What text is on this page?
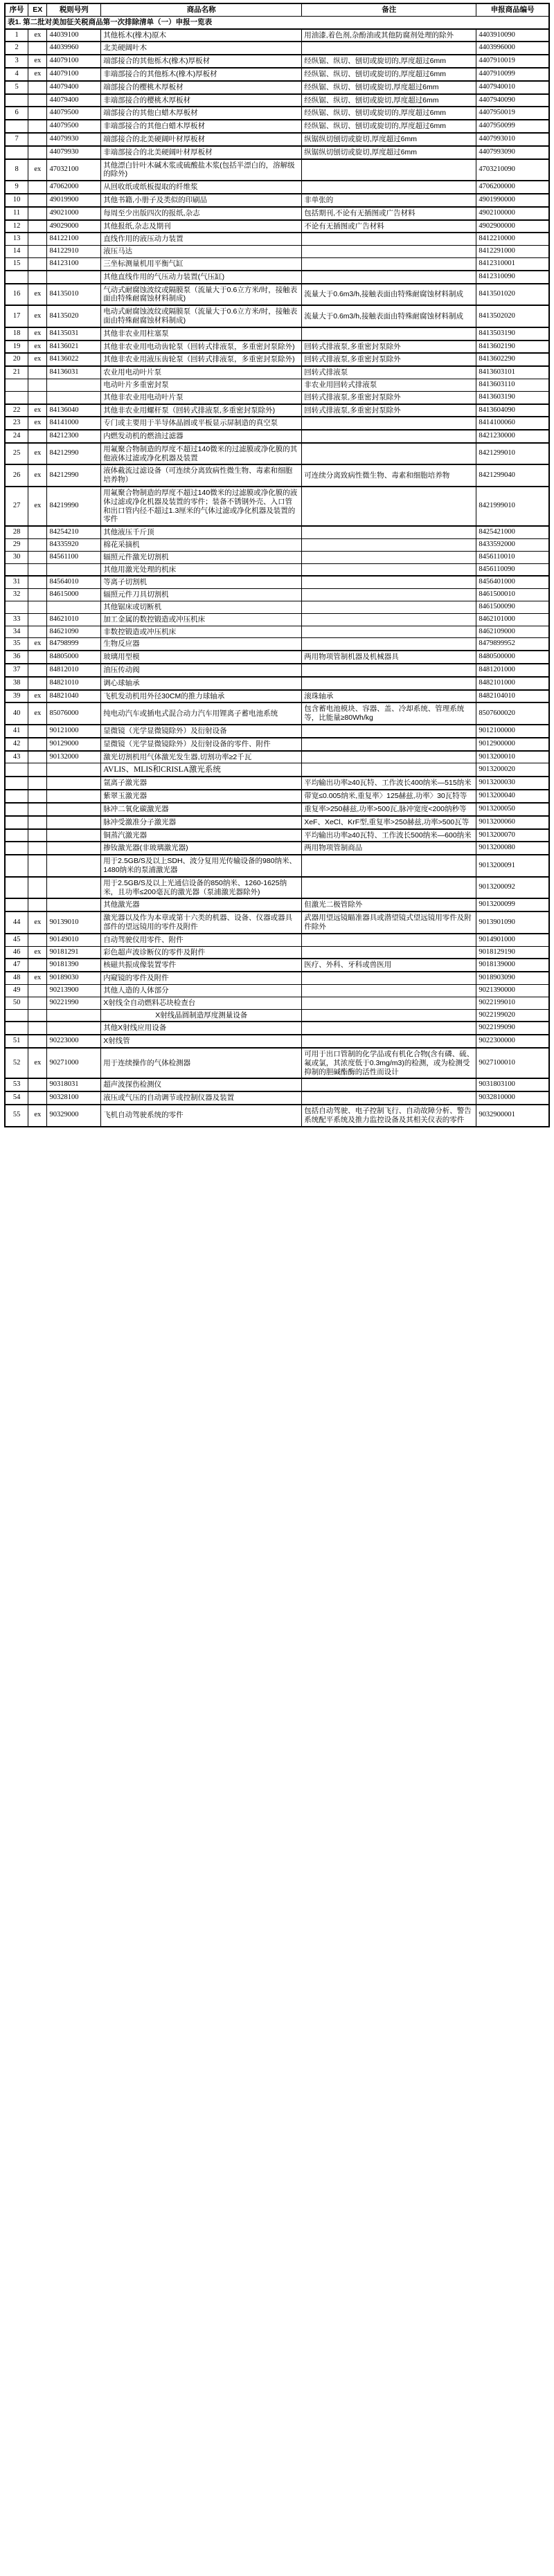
表1. 第二批对美加征关税商品第一次排除清单（一）申报一览表					
序号	EX	税则号列	商品名称	备注	申报商品编号
1	ex	44039100	其他栎木(橡木)原木	用油漆,着色剂,杂酚油或其他防腐剂处理的除外	4403910090
2		44039960	北美硬阔叶木		4403996000
3	ex	44079100	端部接合的其他栎木(橡木)厚板材	经纵锯、纵切、刨切或旋切的,厚度超过6mm	4407910019
4	ex	44079100	非端部接合的其他栎木(橡木)厚板材	经纵锯、纵切、刨切或旋切的,厚度超过6mm	4407910099
5		44079400	端部接合的樱桃木厚板材	经纵锯、纵切、刨切或旋切,厚度超过6mm	4407940010
		44079400	非端部接合的樱桃木厚板材	经纵锯、纵切、刨切或旋切,厚度超过6mm	4407940090
6		44079500	端部接合的其他白蜡木厚板材	经纵锯、纵切、刨切或旋切的,厚度超过6mm	4407950019
		44079500	非端部接合的其他白蜡木厚板材	经纵锯、纵切、刨切或旋切的,厚度超过6mm	4407950099
7		44079930	端部接合的北美硬阔叶材厚板材	纵锯纵切刨切或旋切,厚度超过6mm	4407993010
		44079930	非端部接合的北美硬阔叶材厚板材	纵锯纵切刨切或旋切,厚度超过6mm	4407993090
8	ex	47032100	其他漂白针叶木碱木浆或硫酸盐木浆(包括半漂白的，溶解级的除外)		4703210090
9		47062000	从回收纸或纸板提取的纤维浆		4706200000
10		49019900	其他书籍,小册子及类似的印刷品	非单张的	4901990000
11		49021000	每周至少出版四次的报纸,杂志	包括期刊,不论有无插图或广告材料	4902100000
12		49029000	其他报纸,杂志及期刊	不论有无插图或广告材料	4902900000
13		84122100	直线作用的液压动力装置		8412210000
14		84122910	液压马达		8412291000
15		84123100	三坐标测量机用平衡气缸		8412310001
			其他直线作用的气压动力装置(气压缸)		8412310090
16	ex	84135010	气动式耐腐蚀波纹或隔膜泵（流量大于0.6立方米/时，接触表面由特殊耐腐蚀材料制成)	流量大于0.6m3/h,接触表面由特殊耐腐蚀材料制成	8413501020
17	ex	84135020	电动式耐腐蚀波纹或隔膜泵（流量大于0.6立方米/时，接触表面由特殊耐腐蚀材料制成)	流量大于0.6m3/h,接触表面由特殊耐腐蚀材料制成	8413502020
18	ex	84135031	其他非农业用柱塞泵		8413503190
19	ex	84136021	其他非农业用电动齿轮泵（回转式排液泵，多重密封泵除外)	回转式排液泵,多重密封泵除外	8413602190
20	ex	84136022	其他非农业用液压齿轮泵（回转式排液泵，多重密封泵除外)	回转式排液泵,多重密封泵除外	8413602290
21		84136031	农业用电动叶片泵	回转式排液泵	8413603101
			电动叶片多重密封泵	非农业用回转式排液泵	8413603110
			其他非农业用电动叶片泵	回转式排液泵,多重密封泵除外	8413603190
22	ex	84136040	其他非农业用螺杆泵（回转式排液泵,多重密封泵除外)	回转式排液泵,多重密封泵除外	8413604090
23	ex	84141000	专门或主要用于半导体晶圆或平板显示屏制造的真空泵		8414100060
24		84212300	内燃发动机的燃油过滤器		8421230000
25	ex	84212990	用氟聚合物制造的厚度不超过140微米的过滤膜或净化膜的其他液体过滤或净化机器及装置		8421299010
26	ex	84212990	液体截流过滤设备（可连续分离致病性微生物、毒素和细胞培养物）	可连续分离致病性微生物、毒素和细胞培养物	8421299040
27	ex	84219990	用氟聚合物制造的厚度不超过140微米的过滤膜或净化膜的液体过滤或净化机器及装置的零件；装备不锈钢外壳、入口管和出口管内径不超过1.3厘米的气体过滤或净化机器及装置的零件		8421999010
28		84254210	其他液压千斤顶		8425421000
29		84335920	棉花采摘机		8433592000
30		84561100	辐照元件激光切割机		8456110010
			其他用激光处理的机床		8456110090
31		84564010	等离子切割机		8456401000
32		84615000	辐照元件刀具切割机		8461500010
			其他锯床或切断机		8461500090
33		84621010	加工金属的数控锻造或冲压机床		8462101000
34		84621090	非数控锻造或冲压机床		8462109000
35	ex	84798999	生物反应器		8479899952
36		84805000	玻璃用型模	两用物项管制机器及机械器具	8480500000
37		84812010	油压传动阀		8481201000
38		84821010	调心球轴承		8482101000
39	ex	84821040	飞机发动机用外径30CM的推力球轴承	滚珠轴承	8482104010
40	ex	85076000	纯电动汽车或插电式混合动力汽车用锂离子蓄电池系统	包含蓄电池模块、容器、盖、冷却系统、管理系统等，比能量≥80Wh/kg	8507600020
41		90121000	显微镜（光学显微镜除外）及衍射设备		9012100000
42		90129000	显微镜（光学显微镜除外）及衍射设备的零件、附件		9012900000
43		90132000	激光切割机用气体激光发生器,切割功率≥2千瓦		9013200010
			AVLIS、MLIS和CRISLA激光系统		9013200020
			氩离子激光器	平均输出功率≥40瓦特、工作波长400纳米—515纳米	9013200030
			紫翠玉激光器	带宽≤0.005纳米,重复率〉125赫兹,功率〉30瓦特等	9013200040
			脉冲二氧化碳激光器	重复率>250赫兹,功率>500瓦,脉冲宽度<200纳秒等	9013200050
			脉冲受激准分子激光器	XeF、XeCl、KrF型,重复率>250赫兹,功率>500瓦等	9013200060
			铜蒸汽激光器	平均输出功率≥40瓦特、工作波长500纳米—600纳米	9013200070
			掺钕激光器(非玻璃激光器)	两用物项管制商品	9013200080
			用于2.5GB/S及以上SDH、波分复用光传输设备的980纳米、1480纳米的泵浦激光器		9013200091
			用于2.5GB/S及以上光通信设备的850纳米、1260-1625纳米，且功率≤200毫瓦的激光器（泵浦激光器除外)		9013200092
			其他激光器	但激光二极管除外	9013200099
44	ex	90139010	激光器以及作为本章或第十六类的机器、设备、仪器或器具部件的望远镜用的零件及附件	武器用望远镜瞄准器具或潜望镜式望远镜用零件及附件除外	9013901090
45		90149010	自动驾驶仪用零件、附件		9014901000
46	ex	90181291	彩色超声波诊断仪的零件及附件		9018129190
47		90181390	核磁共振成像装置零件	医疗、外科、牙科或兽医用	9018139000
48	ex	90189030	内窥镜的零件及附件		9018903090
49		90213900	其他人造的人体部分		9021390000
50		90221990	X射线全自动燃料芯块检查台		9022199010
			X射线晶圆制造厚度测量设备		9022199020
			其他X射线应用设备		9022199090
51		90223000	X射线管		9022300000
52	ex	90271000	用于连续操作的气体检测器	可用于出口管制的化学品或有机化合物(含有磷、硫、氟或氯，其浓度低于0.3mg/m3)的检测，或为检测受抑制的胆碱酯酶的活性而设计	9027100010
53		90318031	超声波探伤检测仪		9031803100
54		90328100	液压或气压的自动调节或控制仪器及装置		9032810000
55	ex	90329000	飞机自动驾驶系统的零件	包括自动驾驶、电子控制飞行、自动故障分析、警告系统配平系统及推力监控设备及其相关仪表的零件	9032900001
